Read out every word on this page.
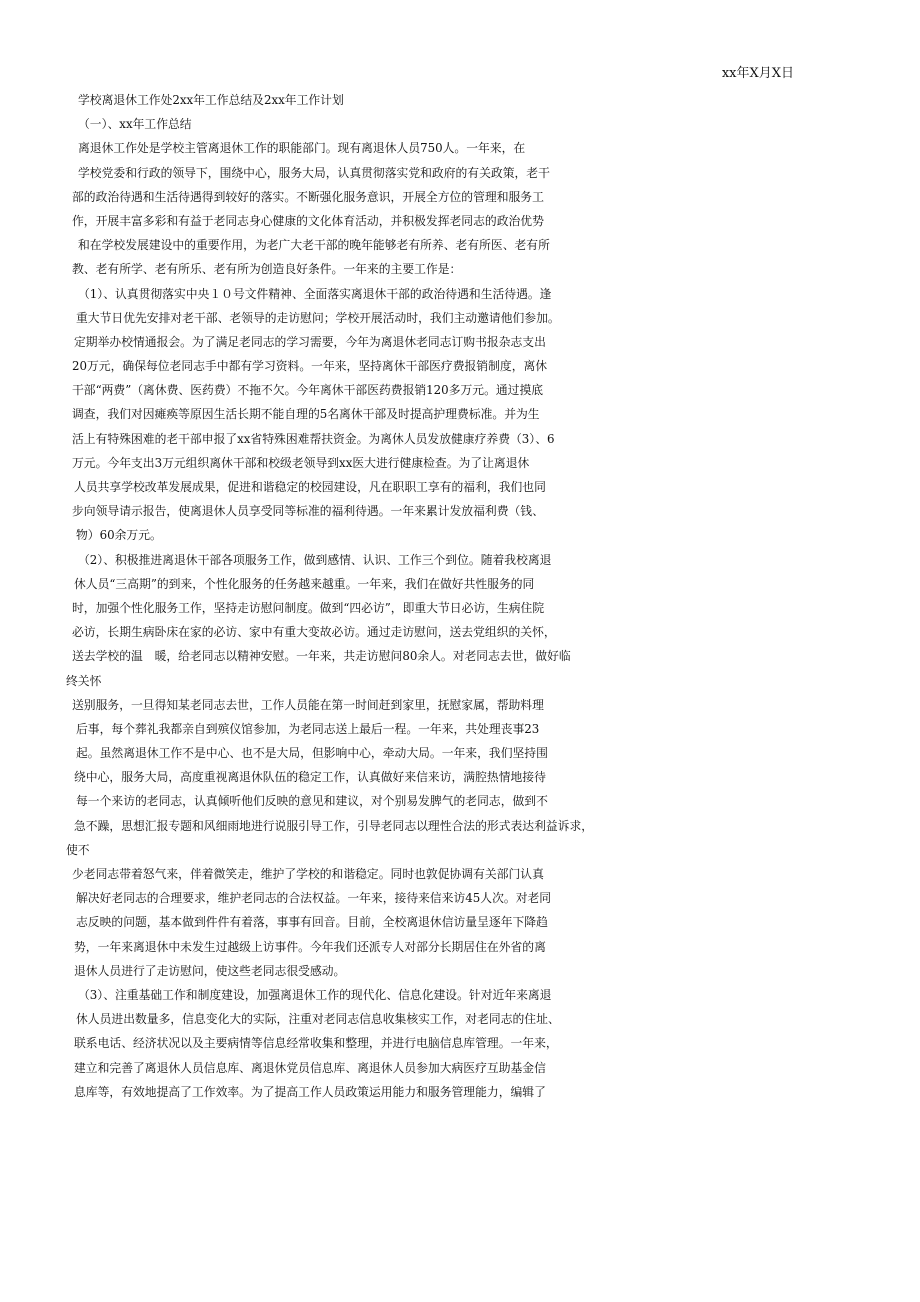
xx年X月X日
学校离退休工作处2xx年工作总结及2xx年工作计划
（一）、xx年工作总结
离退休工作处是学校主管离退休工作的职能部门。现有离退休人员750人。一年来，在
学校党委和行政的领导下，围绕中心，服务大局，认真贯彻落实党和政府的有关政策，老干
部的政治待遇和生活待遇得到较好的落实。不断强化服务意识，开展全方位的管理和服务工
作，开展丰富多彩和有益于老同志身心健康的文化体育活动，并积极发挥老同志的政治优势
和在学校发展建设中的重要作用，为老广大老干部的晚年能够老有所养、老有所医、老有所
教、老有所学、老有所乐、老有所为创造良好条件。一年来的主要工作是：
（1）、认真贯彻落实中央１０号文件精神、全面落实离退休干部的政治待遇和生活待遇。逢
重大节日优先安排对老干部、老领导的走访慰问；学校开展活动时，我们主动邀请他们参加。
定期举办校情通报会。为了满足老同志的学习需要，今年为离退休老同志订购书报杂志支出
20万元，确保每位老同志手中都有学习资料。一年来，坚持离休干部医疗费报销制度，离休
干部“两费”（离休费、医药费）不拖不欠。今年离休干部医药费报销120多万元。通过摸底
调查，我们对因瘫痪等原因生活长期不能自理的5名离休干部及时提高护理费标准。并为生
活上有特殊困难的老干部申报了xx省特殊困难帮扶资金。为离休人员发放健康疗养费（3）、6
万元。今年支出3万元组织离休干部和校级老领导到xx医大进行健康检查。为了让离退休
人员共享学校改革发展成果，促进和谐稳定的校园建设，凡在职职工享有的福利，我们也同
步向领导请示报告，使离退休人员享受同等标准的福利待遇。一年来累计发放福利费（钱、
物）60余万元。
（2）、积极推进离退休干部各项服务工作，做到感情、认识、工作三个到位。随着我校离退
休人员“三高期”的到来，个性化服务的任务越来越重。一年来，我们在做好共性服务的同
时，加强个性化服务工作，坚持走访慰问制度。做到“四必访”，即重大节日必访，生病住院
必访，长期生病卧床在家的必访、家中有重大变故必访。通过走访慰问，送去党组织的关怀，
送去学校的温　暖，给老同志以精神安慰。一年来，共走访慰问80余人。对老同志去世，做好临
终关怀
送别服务，一旦得知某老同志去世，工作人员能在第一时间赶到家里，抚慰家属，帮助料理
后事，每个葬礼我都亲自到殡仪馆参加，为老同志送上最后一程。一年来，共处理丧事23
起。虽然离退休工作不是中心、也不是大局，但影响中心，牵动大局。一年来，我们坚持围
绕中心，服务大局，高度重视离退休队伍的稳定工作，认真做好来信来访，满腔热情地接待
每一个来访的老同志，认真倾听他们反映的意见和建议，对个别易发脾气的老同志，做到不
急不躁，思想汇报专题和风细雨地进行说服引导工作，引导老同志以理性合法的形式表达利益诉求，
使不
少老同志带着怒气来，伴着微笑走，维护了学校的和谐稳定。同时也敦促协调有关部门认真
解决好老同志的合理要求，维护老同志的合法权益。一年来，接待来信来访45人次。对老同
志反映的问题，基本做到件件有着落，事事有回音。目前，全校离退休信访量呈逐年下降趋
势，一年来离退休中未发生过越级上访事件。今年我们还派专人对部分长期居住在外省的离
退休人员进行了走访慰问，使这些老同志很受感动。
（3）、注重基础工作和制度建设，加强离退休工作的现代化、信息化建设。针对近年来离退
休人员进出数量多，信息变化大的实际，注重对老同志信息收集核实工作，对老同志的住址、
联系电话、经济状况以及主要病情等信息经常收集和整理，并进行电脑信息库管理。一年来，
建立和完善了离退休人员信息库、离退休党员信息库、离退休人员参加大病医疗互助基金信
息库等，有效地提高了工作效率。为了提高工作人员政策运用能力和服务管理能力，编辑了
